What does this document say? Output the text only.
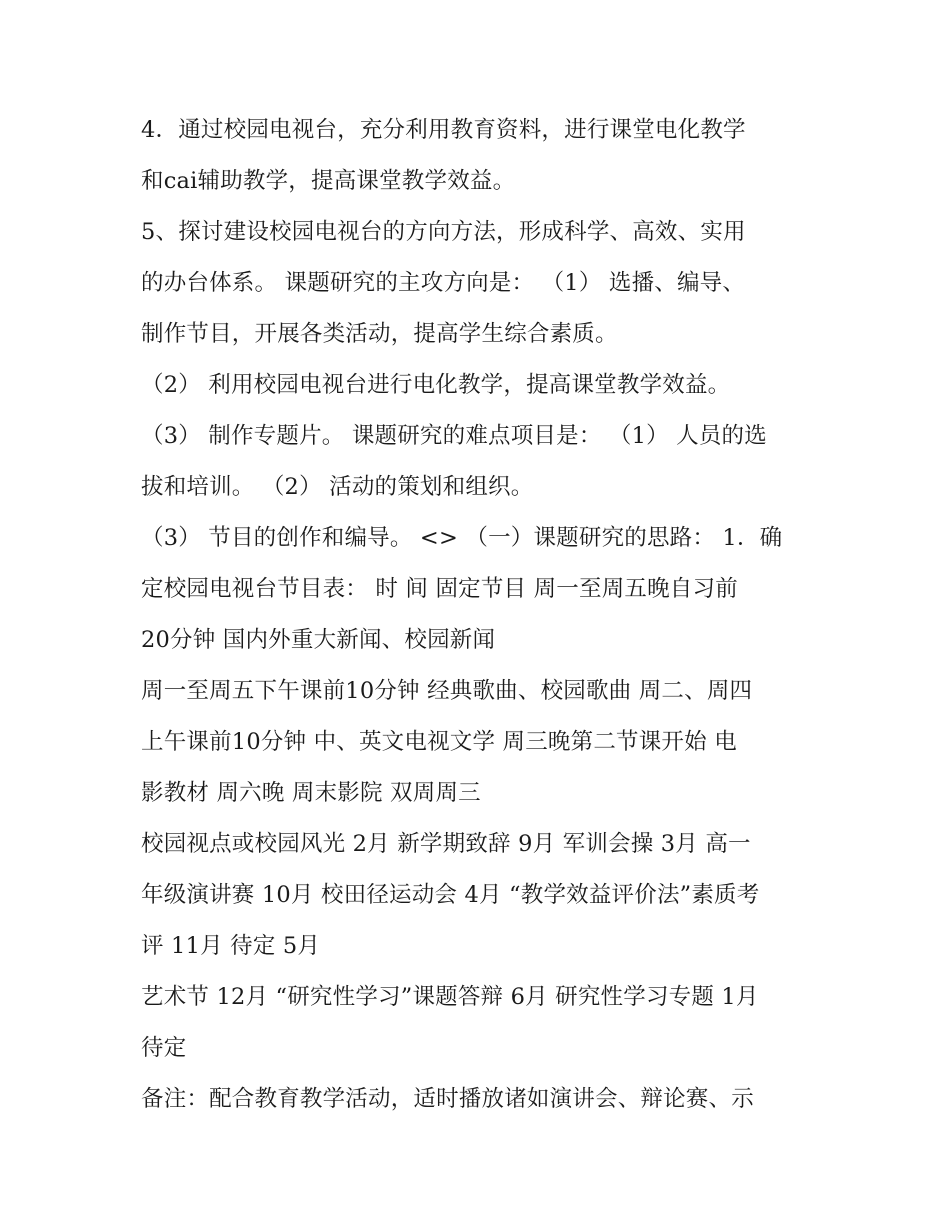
4．通过校园电视台，充分利用教育资料，进行课堂电化教学
和cai辅助教学，提高课堂教学效益。
5、探讨建设校园电视台的方向方法，形成科学、高效、实用
的办台体系。 课题研究的主攻方向是： （1） 选播、编导、
制作节目，开展各类活动，提高学生综合素质。
（2） 利用校园电视台进行电化教学，提高课堂教学效益。
（3） 制作专题片。 课题研究的难点项目是： （1） 人员的选
拔和培训。 （2） 活动的策划和组织。
（3） 节目的创作和编导。 <> （一）课题研究的思路： 1．确
定校园电视台节目表： 时 间 固定节目 周一至周五晚自习前
20分钟 国内外重大新闻、校园新闻
周一至周五下午课前10分钟 经典歌曲、校园歌曲 周二、周四
上午课前10分钟 中、英文电视文学 周三晚第二节课开始 电
影教材 周六晚 周末影院 双周周三
校园视点或校园风光 2月 新学期致辞 9月 军训会操 3月 高一
年级演讲赛 10月 校田径运动会 4月 “教学效益评价法”素质考
评 11月 待定 5月
艺术节 12月 “研究性学习”课题答辩 6月 研究性学习专题 1月
待定
备注：配合教育教学活动，适时播放诸如演讲会、辩论赛、示
